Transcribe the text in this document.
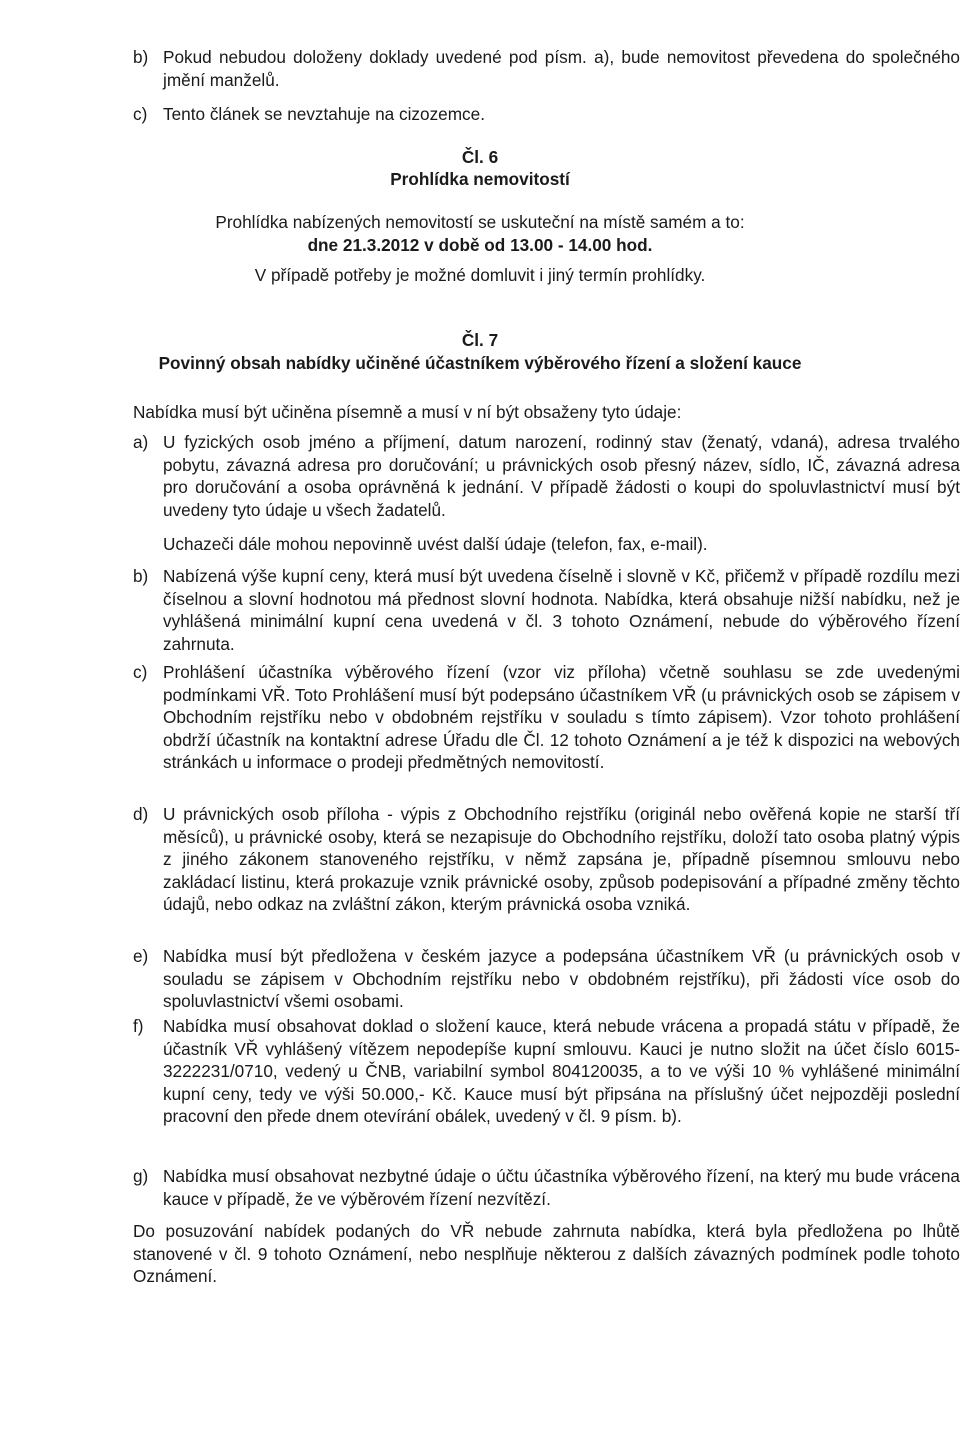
b) Pokud nebudou doloženy doklady uvedené pod písm. a), bude nemovitost převedena do společného jmění manželů.
c) Tento článek se nevztahuje na cizozemce.
Čl. 6
Prohlídka nemovitostí
Prohlídka nabízených nemovitostí se uskuteční na místě samém a to:
dne 21.3.2012 v době od 13.00 - 14.00 hod.
V případě potřeby je možné domluvit i jiný termín prohlídky.
Čl. 7
Povinný obsah nabídky učiněné účastníkem výběrového řízení a složení kauce
Nabídka musí být učiněna písemně a musí v ní být obsaženy tyto údaje:
a) U fyzických osob jméno a příjmení, datum narození, rodinný stav (ženatý, vdaná), adresa trvalého pobytu, závazná adresa pro doručování; u právnických osob přesný název, sídlo, IČ, závazná adresa pro doručování a osoba oprávněná k jednání. V případě žádosti o koupi do spoluvlastnictví musí být uvedeny tyto údaje u všech žadatelů.
Uchazeči dále mohou nepovinně uvést další údaje (telefon, fax, e-mail).
b) Nabízená výše kupní ceny, která musí být uvedena číselně i slovně v Kč, přičemž v případě rozdílu mezi číselnou a slovní hodnotou má přednost slovní hodnota. Nabídka, která obsahuje nižší nabídku, než je vyhlášená minimální kupní cena uvedená v čl. 3 tohoto Oznámení, nebude do výběrového řízení zahrnuta.
c) Prohlášení účastníka výběrového řízení (vzor viz příloha) včetně souhlasu se zde uvedenými podmínkami VŘ. Toto Prohlášení musí být podepsáno účastníkem VŘ (u právnických osob se zápisem v Obchodním rejstříku nebo v obdobném rejstříku v souladu s tímto zápisem). Vzor tohoto prohlášení obdrží účastník na kontaktní adrese Úřadu dle Čl. 12 tohoto Oznámení a je též k dispozici na webových stránkách u informace o prodeji předmětných nemovitostí.
d) U právnických osob příloha - výpis z Obchodního rejstříku (originál nebo ověřená kopie ne starší tří měsíců), u právnické osoby, která se nezapisuje do Obchodního rejstříku, doloží tato osoba platný výpis z jiného zákonem stanoveného rejstříku, v němž zapsána je, případně písemnou smlouvu nebo zakládací listinu, která prokazuje vznik právnické osoby, způsob podepisování a případné změny těchto údajů, nebo odkaz na zvláštní zákon, kterým právnická osoba vzniká.
e) Nabídka musí být předložena v českém jazyce a podepsána účastníkem VŘ (u právnických osob v souladu se zápisem v Obchodním rejstříku nebo v obdobném rejstříku), při žádosti více osob do spoluvlastnictví všemi osobami.
f)	Nabídka musí obsahovat doklad o složení kauce, která nebude vrácena a propadá státu v případě, že účastník VŘ vyhlášený vítězem nepodepíše kupní smlouvu. Kauci je nutno složit na účet číslo 6015-3222231/0710, vedený u ČNB, variabilní symbol 804120035, a to ve výši 10 % vyhlášené minimální kupní ceny, tedy ve výši 50.000,- Kč. Kauce musí být připsána na příslušný účet nejpozději poslední pracovní den přede dnem otevírání obálek, uvedený v čl. 9 písm. b).
g) Nabídka musí obsahovat nezbytné údaje o účtu účastníka výběrového řízení, na který mu bude vrácena kauce v případě, že ve výběrovém řízení nezvítězí.
Do posuzování nabídek podaných do VŘ nebude zahrnuta nabídka, která byla předložena po lhůtě stanovené v čl. 9 tohoto Oznámení, nebo nesplňuje některou z dalších závazných podmínek podle tohoto Oznámení.
